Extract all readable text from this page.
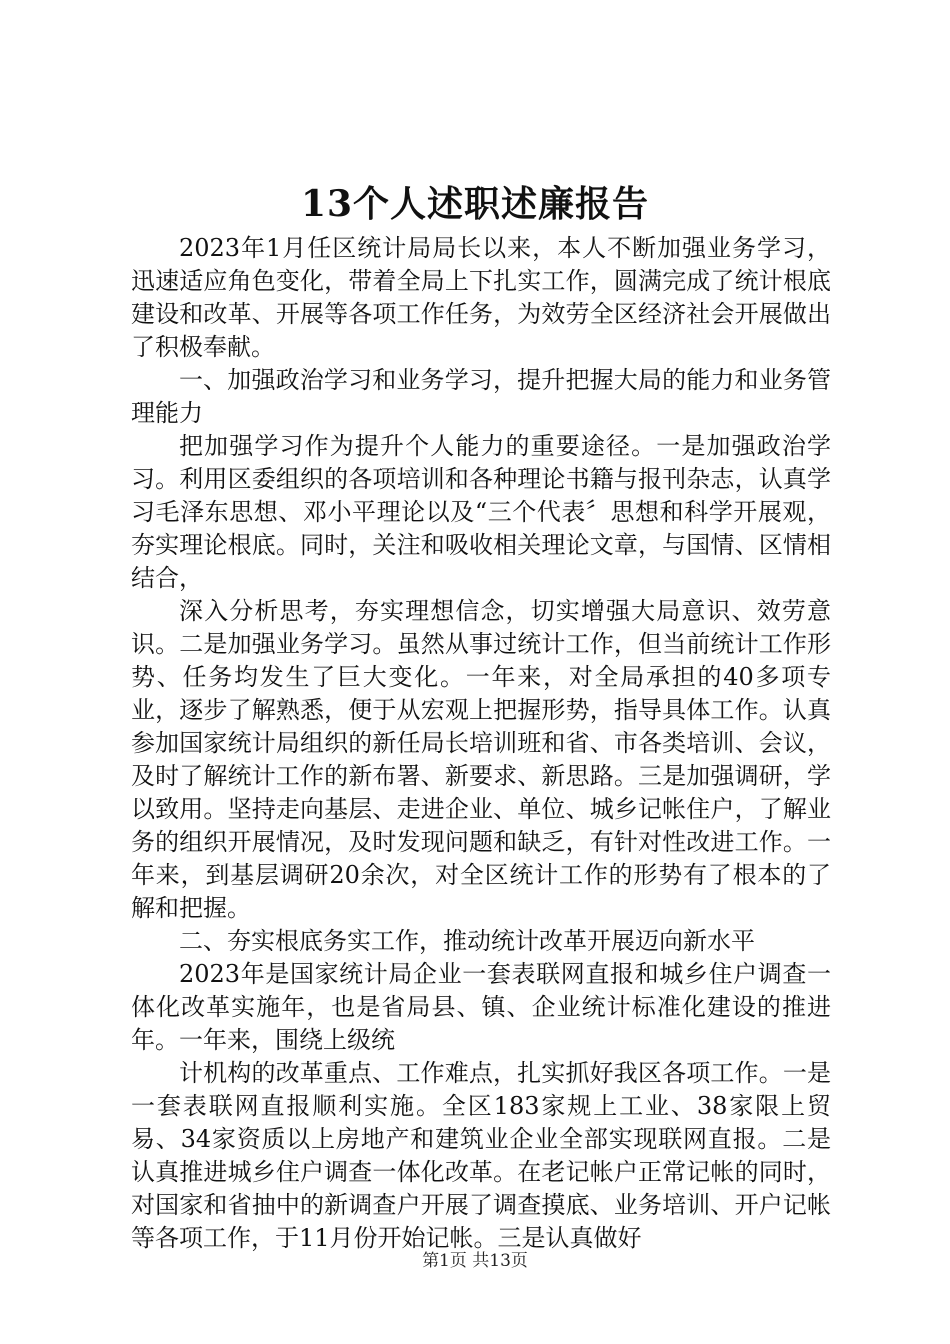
13个人述职述廉报告

2023年1月任区统计局局长以来，本人不断加强业务学习，迅速适应角色变化，带着全局上下扎实工作，圆满完成了统计根底建设和改革、开展等各项工作任务，为效劳全区经济社会开展做出了积极奉献。

一、加强政治学习和业务学习，提升把握大局的能力和业务管理能力

把加强学习作为提升个人能力的重要途径。一是加强政治学习。利用区委组织的各项培训和各种理论书籍与报刊杂志，认真学习毛泽东思想、邓小平理论以及“三个代表〞思想和科学开展观，夯实理论根底。同时，关注和吸收相关理论文章，与国情、区情相结合，

深入分析思考，夯实理想信念，切实增强大局意识、效劳意识。二是加强业务学习。虽然从事过统计工作，但当前统计工作形势、任务均发生了巨大变化。一年来，对全局承担的40多项专业，逐步了解熟悉，便于从宏观上把握形势，指导具体工作。认真参加国家统计局组织的新任局长培训班和省、市各类培训、会议，及时了解统计工作的新布署、新要求、新思路。三是加强调研，学以致用。坚持走向基层、走进企业、单位、城乡记帐住户，了解业务的组织开展情况，及时发现问题和缺乏，有针对性改进工作。一年来，到基层调研20余次，对全区统计工作的形势有了根本的了解和把握。

二、夯实根底务实工作，推动统计改革开展迈向新水平

2023年是国家统计局企业一套表联网直报和城乡住户调查一体化改革实施年，也是省局县、镇、企业统计标准化建设的推进年。一年来，围绕上级统

计机构的改革重点、工作难点，扎实抓好我区各项工作。一是一套表联网直报顺利实施。全区183家规上工业、38家限上贸易、34家资质以上房地产和建筑业企业全部实现联网直报。二是认真推进城乡住户调查一体化改革。在老记帐户正常记帐的同时，对国家和省抽中的新调查户开展了调查摸底、业务培训、开户记帐等各项工作，于11月份开始记帐。三是认真做好

第1页 共13页
